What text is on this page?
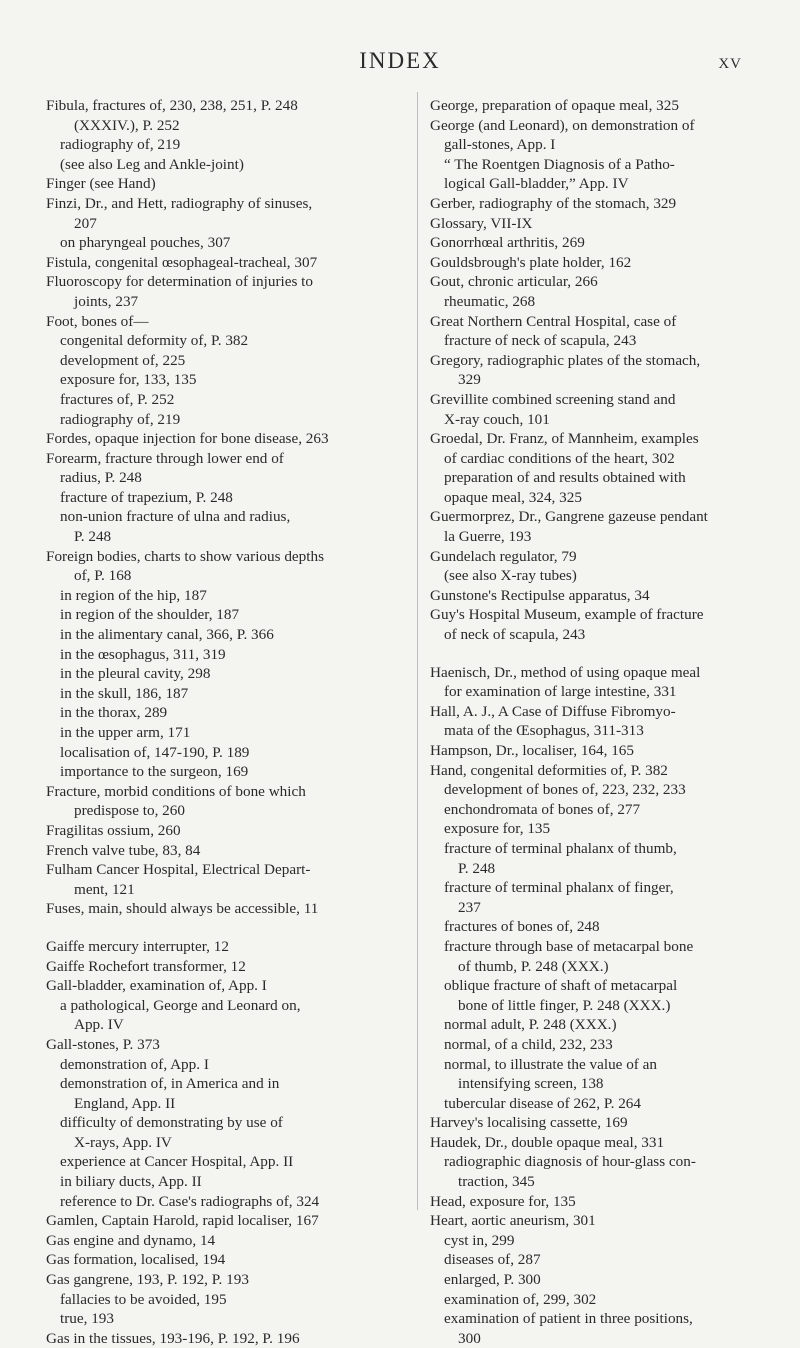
INDEX	XV
Fibula, fractures of, 230, 238, 251, P. 248
(XXXIV.), P. 252
radiography of, 219
(see also Leg and Ankle-joint)
Finger (see Hand)
Finzi, Dr., and Hett, radiography of sinuses,
207
on pharyngeal pouches, 307
Fistula, congenital œsophageal-tracheal, 307
Fluoroscopy for determination of injuries to
joints, 237
Foot, bones of—
congenital deformity of, P. 382
development of, 225
exposure for, 133, 135
fractures of, P. 252
radiography of, 219
Fordes, opaque injection for bone disease, 263
Forearm, fracture through lower end of
radius, P. 248
fracture of trapezium, P. 248
non-union fracture of ulna and radius,
P. 248
Foreign bodies, charts to show various depths
of, P. 168
in region of the hip, 187
in region of the shoulder, 187
in the alimentary canal, 366, P. 366
in the œsophagus, 311, 319
in the pleural cavity, 298
in the skull, 186, 187
in the thorax, 289
in the upper arm, 171
localisation of, 147-190, P. 189
importance to the surgeon, 169
Fracture, morbid conditions of bone which
predispose to, 260
Fragilitas ossium, 260
French valve tube, 83, 84
Fulham Cancer Hospital, Electrical Depart-
ment, 121
Fuses, main, should always be accessible, 11
Gaiffe mercury interrupter, 12
Gaiffe Rochefort transformer, 12
Gall-bladder, examination of, App. I
a pathological, George and Leonard on,
App. IV
Gall-stones, P. 373
demonstration of, App. I
demonstration of, in America and in
England, App. II
difficulty of demonstrating by use of
X-rays, App. IV
experience at Cancer Hospital, App. II
in biliary ducts, App. II
reference to Dr. Case's radiographs of, 324
Gamlen, Captain Harold, rapid localiser, 167
Gas engine and dynamo, 14
Gas formation, localised, 194
Gas gangrene, 193, P. 192, P. 193
fallacies to be avoided, 195
true, 193
Gas in the tissues, 193-196, P. 192, P. 196
George, preparation of opaque meal, 325
George (and Leonard), on demonstration of
gall-stones, App. I
“ The Roentgen Diagnosis of a Patho-
logical Gall-bladder,” App. IV
Gerber, radiography of the stomach, 329
Glossary, VII-IX
Gonorrhœal arthritis, 269
Gouldsbrough's plate holder, 162
Gout, chronic articular, 266
rheumatic, 268
Great Northern Central Hospital, case of
fracture of neck of scapula, 243
Gregory, radiographic plates of the stomach,
329
Grevillite combined screening stand and
X-ray couch, 101
Groedal, Dr. Franz, of Mannheim, examples
of cardiac conditions of the heart, 302
preparation of and results obtained with
opaque meal, 324, 325
Guermorprez, Dr., Gangrene gazeuse pendant
la Guerre, 193
Gundelach regulator, 79
(see also X-ray tubes)
Gunstone's Rectipulse apparatus, 34
Guy's Hospital Museum, example of fracture
of neck of scapula, 243
Haenisch, Dr., method of using opaque meal
for examination of large intestine, 331
Hall, A. J., A Case of Diffuse Fibromyo-
mata of the Œsophagus, 311-313
Hampson, Dr., localiser, 164, 165
Hand, congenital deformities of, P. 382
development of bones of, 223, 232, 233
enchondromata of bones of, 277
exposure for, 135
fracture of terminal phalanx of thumb,
P. 248
fracture of terminal phalanx of finger,
237
fractures of bones of, 248
fracture through base of metacarpal bone
of thumb, P. 248 (XXX.)
oblique fracture of shaft of metacarpal
bone of little finger, P. 248 (XXX.)
normal adult, P. 248 (XXX.)
normal, of a child, 232, 233
normal, to illustrate the value of an
intensifying screen, 138
tubercular disease of 262, P. 264
Harvey's localising cassette, 169
Haudek, Dr., double opaque meal, 331
radiographic diagnosis of hour-glass con-
traction, 345
Head, exposure for, 135
Heart, aortic aneurism, 301
cyst in, 299
diseases of, 287
enlarged, P. 300
examination of, 299, 302
examination of patient in three positions,
300
